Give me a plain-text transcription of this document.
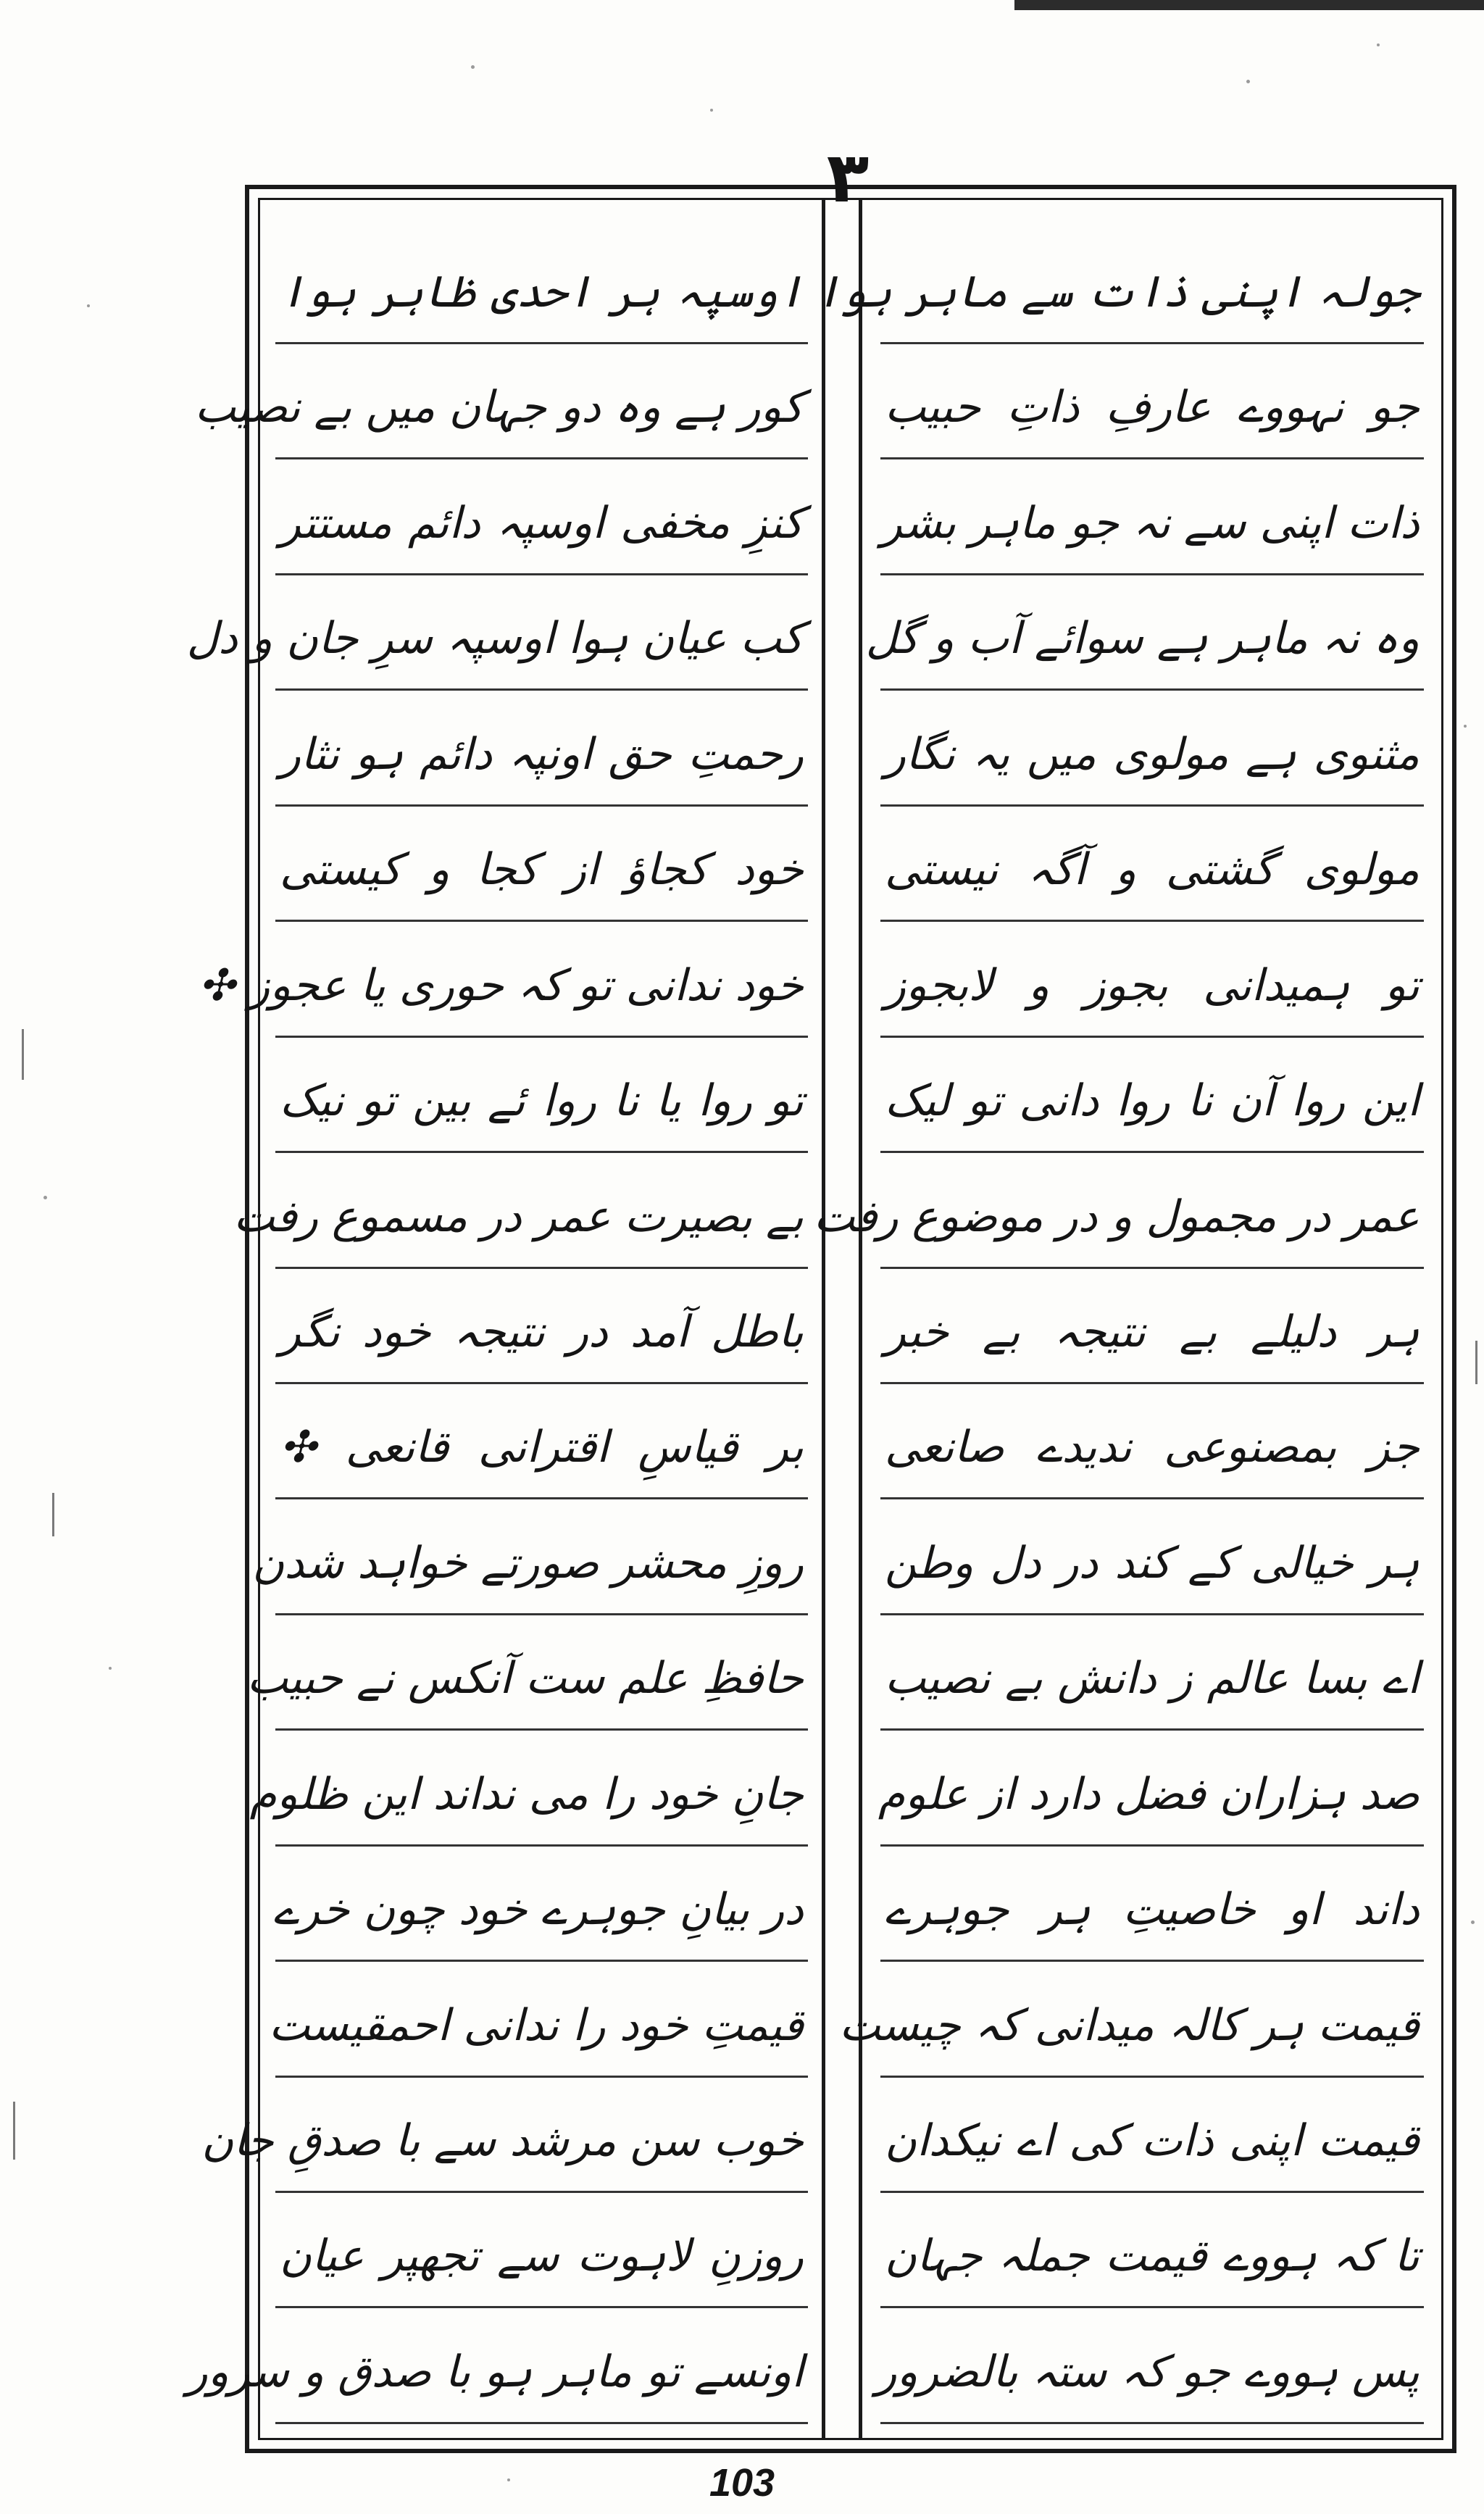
٣
جولہ اپنی ذات سے ماہر ہوا
جو نہووے عارفِ ذاتِ حبیب
ذات اپنی سے نہ جو ماہر بشر
وہ نہ ماہر ہے سوائے آب و گل
مثنوی ہے مولوی میں یہ نگار
مولوی گشتی و آگہ نیستی
تو ہمیدانی بجوز و لابجوز
این روا آن نا روا دانی تو لیک
عمر در مجمول و در موضوع رفت
ہر دلیلے بے نتیجہ بے خبر
جز بمصنوعی ندیدے صانعی
ہر خیالی کے کند در دل وطن
اے بسا عالم ز دانش بے نصیب
صد ہزاران فضل دارد از علوم
داند او خاصیتِ ہر جوہرے
قیمت ہر کالہ میدانی کہ چیست
قیمت اپنی ذات کی اے نیکدان
تا کہ ہووے قیمت جملہ جہان
پس ہووے جو کہ ستہ بالضرور
اوسپہ ہر احدی ظاہر ہوا
کور ہے وہ دو جہان میں بے نصیب
کنزِ مخفی اوسپہ دائم مستتر
کب عیان ہوا اوسپہ سرِ جان و دل
رحمتِ حق اونپہ دائم ہو نثار
خود کجاؤ از کجا و کیستی
خود ندانی تو کہ حوری یا عجوز ✣
تو روا یا نا روا ئے بین تو نیک
بے بصیرت عمر در مسموع رفت
باطل آمد در نتیجہ خود نگر
بر قیاسِ اقترانی قانعی ✣
روزِ محشر صورتے خواہد شدن
حافظِ علم ست آنکس نے حبیب
جانِ خود را می نداند این ظلوم
در بیانِ جوہرے خود چون خرے
قیمتِ خود را ندانی احمقیست
خوب سن مرشد سے با صدقِ جان
روزنِ لاہوت سے تجھپر عیان
اونسے تو ماہر ہو با صدق و سرور
103
